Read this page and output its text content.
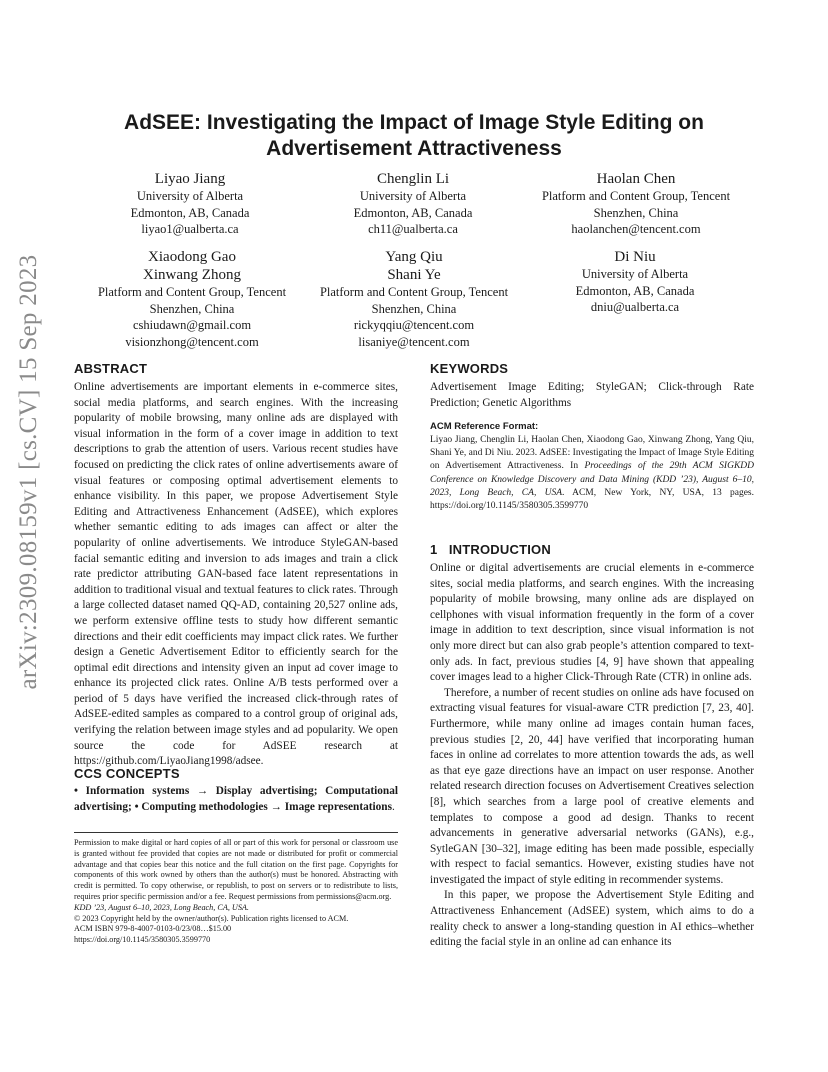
arXiv:2309.08159v1 [cs.CV] 15 Sep 2023
AdSEE: Investigating the Impact of Image Style Editing on
Advertisement Attractiveness
Liyao Jiang
University of Alberta
Edmonton, AB, Canada
liyao1@ualberta.ca
Chenglin Li
University of Alberta
Edmonton, AB, Canada
ch11@ualberta.ca
Haolan Chen
Platform and Content Group, Tencent
Shenzhen, China
haolanchen@tencent.com
Xiaodong Gao
Xinwang Zhong
Platform and Content Group, Tencent
Shenzhen, China
cshiudawn@gmail.com
visionzhong@tencent.com
Yang Qiu
Shani Ye
Platform and Content Group, Tencent
Shenzhen, China
rickyqqiu@tencent.com
lisaniye@tencent.com
Di Niu
University of Alberta
Edmonton, AB, Canada
dniu@ualberta.ca
ABSTRACT
Online advertisements are important elements in e-commerce sites, social media platforms, and search engines. With the increasing popularity of mobile browsing, many online ads are displayed with visual information in the form of a cover image in addition to text descriptions to grab the attention of users. Various recent studies have focused on predicting the click rates of online advertisements aware of visual features or composing optimal advertisement elements to enhance visibility. In this paper, we propose Advertisement Style Editing and Attractiveness Enhancement (AdSEE), which explores whether semantic editing to ads images can affect or alter the popularity of online advertisements. We introduce StyleGAN-based facial semantic editing and inversion to ads images and train a click rate predictor attributing GAN-based face latent representations in addition to traditional visual and textual features to click rates. Through a large collected dataset named QQ-AD, containing 20,527 online ads, we perform extensive offline tests to study how different semantic directions and their edit coefficients may impact click rates. We further design a Genetic Advertisement Editor to efficiently search for the optimal edit directions and intensity given an input ad cover image to enhance its projected click rates. Online A/B tests performed over a period of 5 days have verified the increased click-through rates of AdSEE-edited samples as compared to a control group of original ads, verifying the relation between image styles and ad popularity. We open source the code for AdSEE research at https://github.com/LiyaoJiang1998/adsee.
CCS CONCEPTS
• Information systems → Display advertising; Computational advertising; • Computing methodologies → Image representations.

Permission to make digital or hard copies of all or part of this work for personal or classroom use is granted without fee provided that copies are not made or distributed for profit or commercial advantage and that copies bear this notice and the full citation on the first page. Copyrights for components of this work owned by others than the author(s) must be honored. Abstracting with credit is permitted. To copy otherwise, or republish, to post on servers or to redistribute to lists, requires prior specific permission and/or a fee. Request permissions from permissions@acm.org.

KDD ’23, August 6–10, 2023, Long Beach, CA, USA.

© 2023 Copyright held by the owner/author(s). Publication rights licensed to ACM.

ACM ISBN 979-8-4007-0103-0/23/08…$15.00

https://doi.org/10.1145/3580305.3599770

KEYWORDS
Advertisement Image Editing; StyleGAN; Click-through Rate Prediction; Genetic Algorithms
ACM Reference Format:
Liyao Jiang, Chenglin Li, Haolan Chen, Xiaodong Gao, Xinwang Zhong, Yang Qiu, Shani Ye, and Di Niu. 2023. AdSEE: Investigating the Impact of Image Style Editing on Advertisement Attractiveness. In Proceedings of the 29th ACM SIGKDD Conference on Knowledge Discovery and Data Mining (KDD ’23), August 6–10, 2023, Long Beach, CA, USA. ACM, New York, NY, USA, 13 pages. https://doi.org/10.1145/3580305.3599770
1   INTRODUCTION

Online or digital advertisements are crucial elements in e-commerce sites, social media platforms, and search engines. With the increasing popularity of mobile browsing, many online ads are displayed on cellphones with visual information frequently in the form of a cover image in addition to text description, since visual information is not only more direct but can also grab people’s attention compared to text-only ads. In fact, previous studies [4, 9] have shown that appealing cover images lead to a higher Click-Through Rate (CTR) in online ads.

Therefore, a number of recent studies on online ads have focused on extracting visual features for visual-aware CTR prediction [7, 23, 40]. Furthermore, while many online ad images contain human faces, previous studies [2, 20, 44] have verified that incorporating human faces in online ad correlates to more attention towards the ads, as well as that eye gaze directions have an impact on user response. Another related research direction focuses on Advertisement Creatives selection [8], which searches from a large pool of creative elements and templates to compose a good ad design. Thanks to recent advancements in generative adversarial networks (GANs), e.g., SytleGAN [30–32], image editing has been made possible, especially with respect to facial semantics. However, existing studies have not investigated the impact of style editing in recommender systems.

In this paper, we propose the Advertisement Style Editing and Attractiveness Enhancement (AdSEE) system, which aims to do a reality check to answer a long-standing question in AI ethics–whether editing the facial style in an online ad can enhance its
